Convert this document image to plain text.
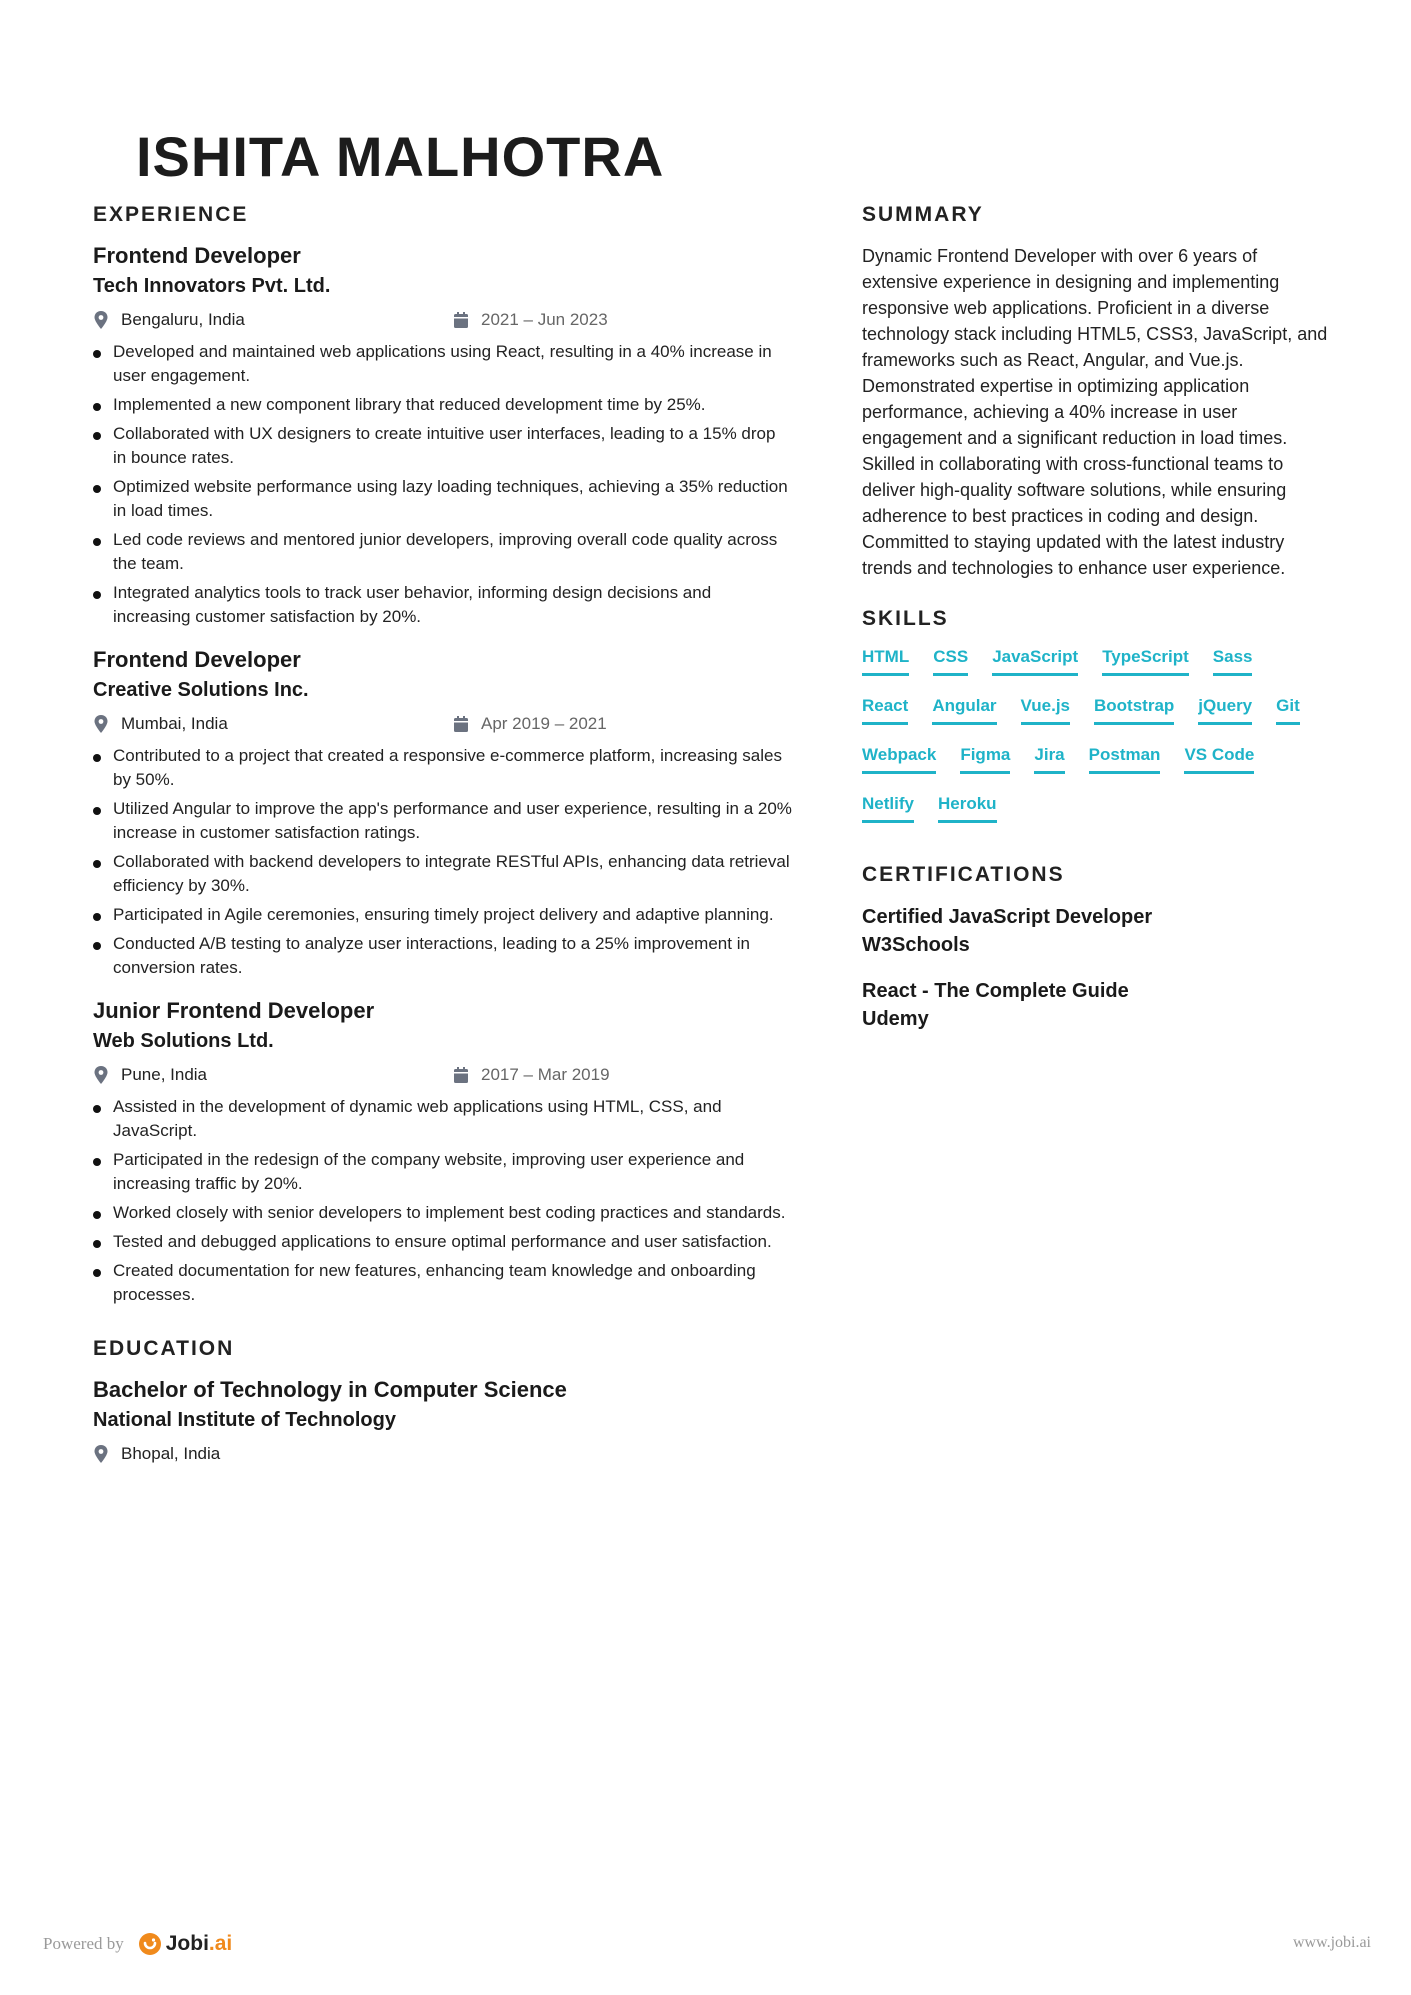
ISHITA MALHOTRA
EXPERIENCE
Frontend Developer
Tech Innovators Pvt. Ltd.
Bengaluru, India	2021 – Jun 2023
Developed and maintained web applications using React, resulting in a 40% increase in user engagement.
Implemented a new component library that reduced development time by 25%.
Collaborated with UX designers to create intuitive user interfaces, leading to a 15% drop in bounce rates.
Optimized website performance using lazy loading techniques, achieving a 35% reduction in load times.
Led code reviews and mentored junior developers, improving overall code quality across the team.
Integrated analytics tools to track user behavior, informing design decisions and increasing customer satisfaction by 20%.
Frontend Developer
Creative Solutions Inc.
Mumbai, India	Apr 2019 – 2021
Contributed to a project that created a responsive e-commerce platform, increasing sales by 50%.
Utilized Angular to improve the app's performance and user experience, resulting in a 20% increase in customer satisfaction ratings.
Collaborated with backend developers to integrate RESTful APIs, enhancing data retrieval efficiency by 30%.
Participated in Agile ceremonies, ensuring timely project delivery and adaptive planning.
Conducted A/B testing to analyze user interactions, leading to a 25% improvement in conversion rates.
Junior Frontend Developer
Web Solutions Ltd.
Pune, India	2017 – Mar 2019
Assisted in the development of dynamic web applications using HTML, CSS, and JavaScript.
Participated in the redesign of the company website, improving user experience and increasing traffic by 20%.
Worked closely with senior developers to implement best coding practices and standards.
Tested and debugged applications to ensure optimal performance and user satisfaction.
Created documentation for new features, enhancing team knowledge and onboarding processes.
EDUCATION
Bachelor of Technology in Computer Science
National Institute of Technology
Bhopal, India
SUMMARY

Dynamic Frontend Developer with over 6 years of extensive experience in designing and implementing responsive web applications. Proficient in a diverse technology stack including HTML5, CSS3, JavaScript, and frameworks such as React, Angular, and Vue.js. Demonstrated expertise in optimizing application performance, achieving a 40% increase in user engagement and a significant reduction in load times. Skilled in collaborating with cross-functional teams to deliver high-quality software solutions, while ensuring adherence to best practices in coding and design. Committed to staying updated with the latest industry trends and technologies to enhance user experience.

SKILLS
HTML CSS JavaScript TypeScript Sass
React Angular Vue.js Bootstrap jQuery Git
Webpack Figma Jira Postman VS Code
Netlify Heroku
CERTIFICATIONS
Certified JavaScript Developer
W3Schools
React - The Complete Guide
Udemy
Powered by Jobi.ai	www.jobi.ai
